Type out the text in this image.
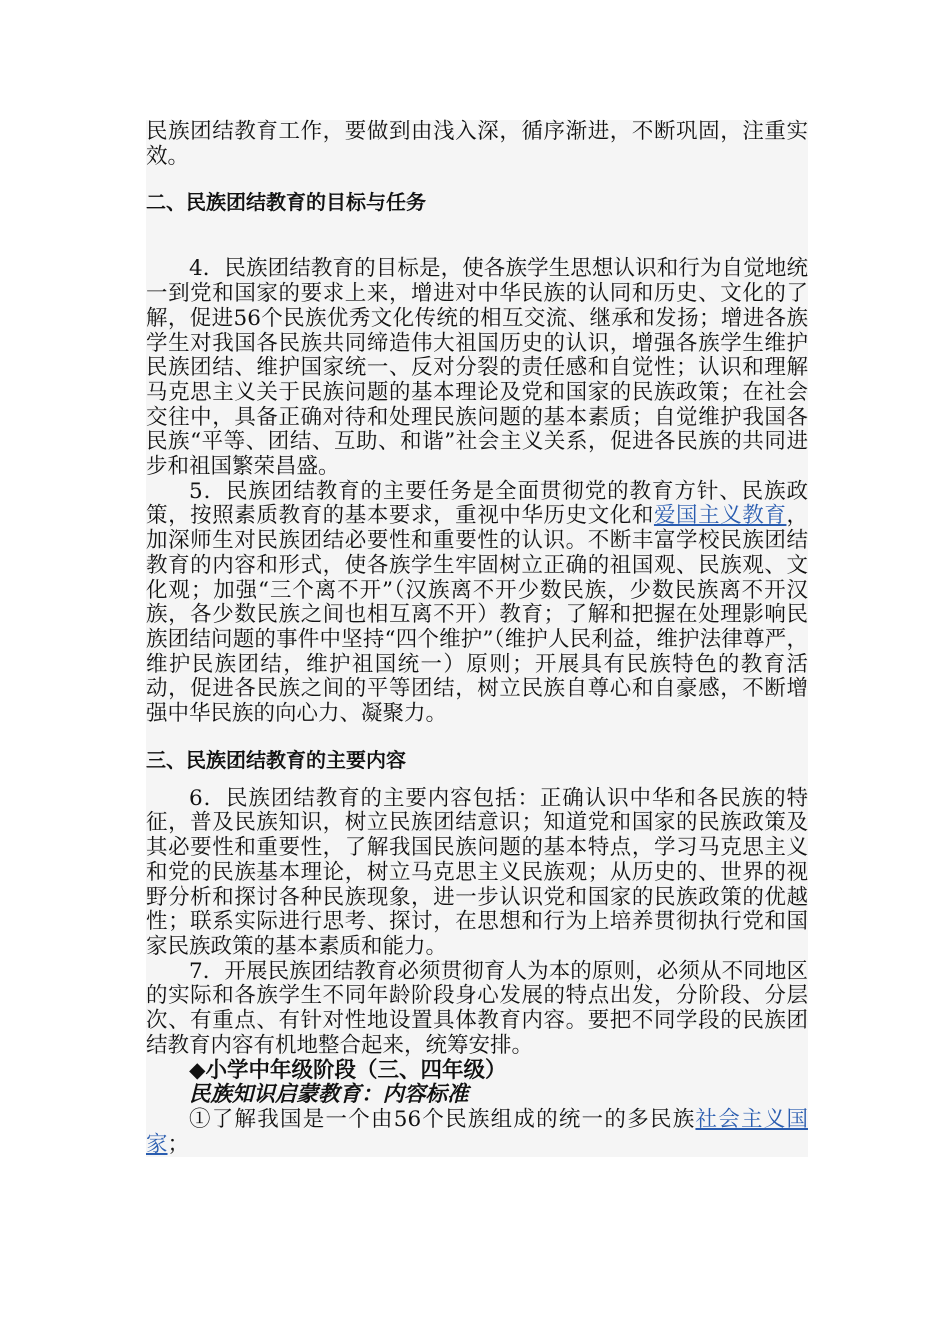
民族团结教育工作，要做到由浅入深，循序渐进，不断巩固，注重实效。

二、民族团结教育的目标与任务

4．民族团结教育的目标是，使各族学生思想认识和行为自觉地统一到党和国家的要求上来，增进对中华民族的认同和历史、文化的了解，促进56个民族优秀文化传统的相互交流、继承和发扬；增进各族学生对我国各民族共同缔造伟大祖国历史的认识，增强各族学生维护民族团结、维护国家统一、反对分裂的责任感和自觉性；认识和理解马克思主义关于民族问题的基本理论及党和国家的民族政策；在社会交往中，具备正确对待和处理民族问题的基本素质；自觉维护我国各民族“平等、团结、互助、和谐”社会主义关系，促进各民族的共同进步和祖国繁荣昌盛。

5．民族团结教育的主要任务是全面贯彻党的教育方针、民族政策，按照素质教育的基本要求，重视中华历史文化和爱国主义教育，加深师生对民族团结必要性和重要性的认识。不断丰富学校民族团结教育的内容和形式，使各族学生牢固树立正确的祖国观、民族观、文化观；加强“三个离不开”（汉族离不开少数民族，少数民族离不开汉族，各少数民族之间也相互离不开）教育；了解和把握在处理影响民族团结问题的事件中坚持“四个维护”（维护人民利益，维护法律尊严，维护民族团结，维护祖国统一）原则；开展具有民族特色的教育活动，促进各民族之间的平等团结，树立民族自尊心和自豪感，不断增强中华民族的向心力、凝聚力。

三、民族团结教育的主要内容

6．民族团结教育的主要内容包括：正确认识中华和各民族的特征，普及民族知识，树立民族团结意识；知道党和国家的民族政策及其必要性和重要性，了解我国民族问题的基本特点，学习马克思主义和党的民族基本理论，树立马克思主义民族观；从历史的、世界的视野分析和探讨各种民族现象，进一步认识党和国家的民族政策的优越性；联系实际进行思考、探讨，在思想和行为上培养贯彻执行党和国家民族政策的基本素质和能力。

7．开展民族团结教育必须贯彻育人为本的原则，必须从不同地区的实际和各族学生不同年龄阶段身心发展的特点出发，分阶段、分层次、有重点、有针对性地设置具体教育内容。要把不同学段的民族团结教育内容有机地整合起来，统筹安排。

◆小学中年级阶段（三、四年级）

民族知识启蒙教育：内容标准

①了解我国是一个由56个民族组成的统一的多民族社会主义国家；
